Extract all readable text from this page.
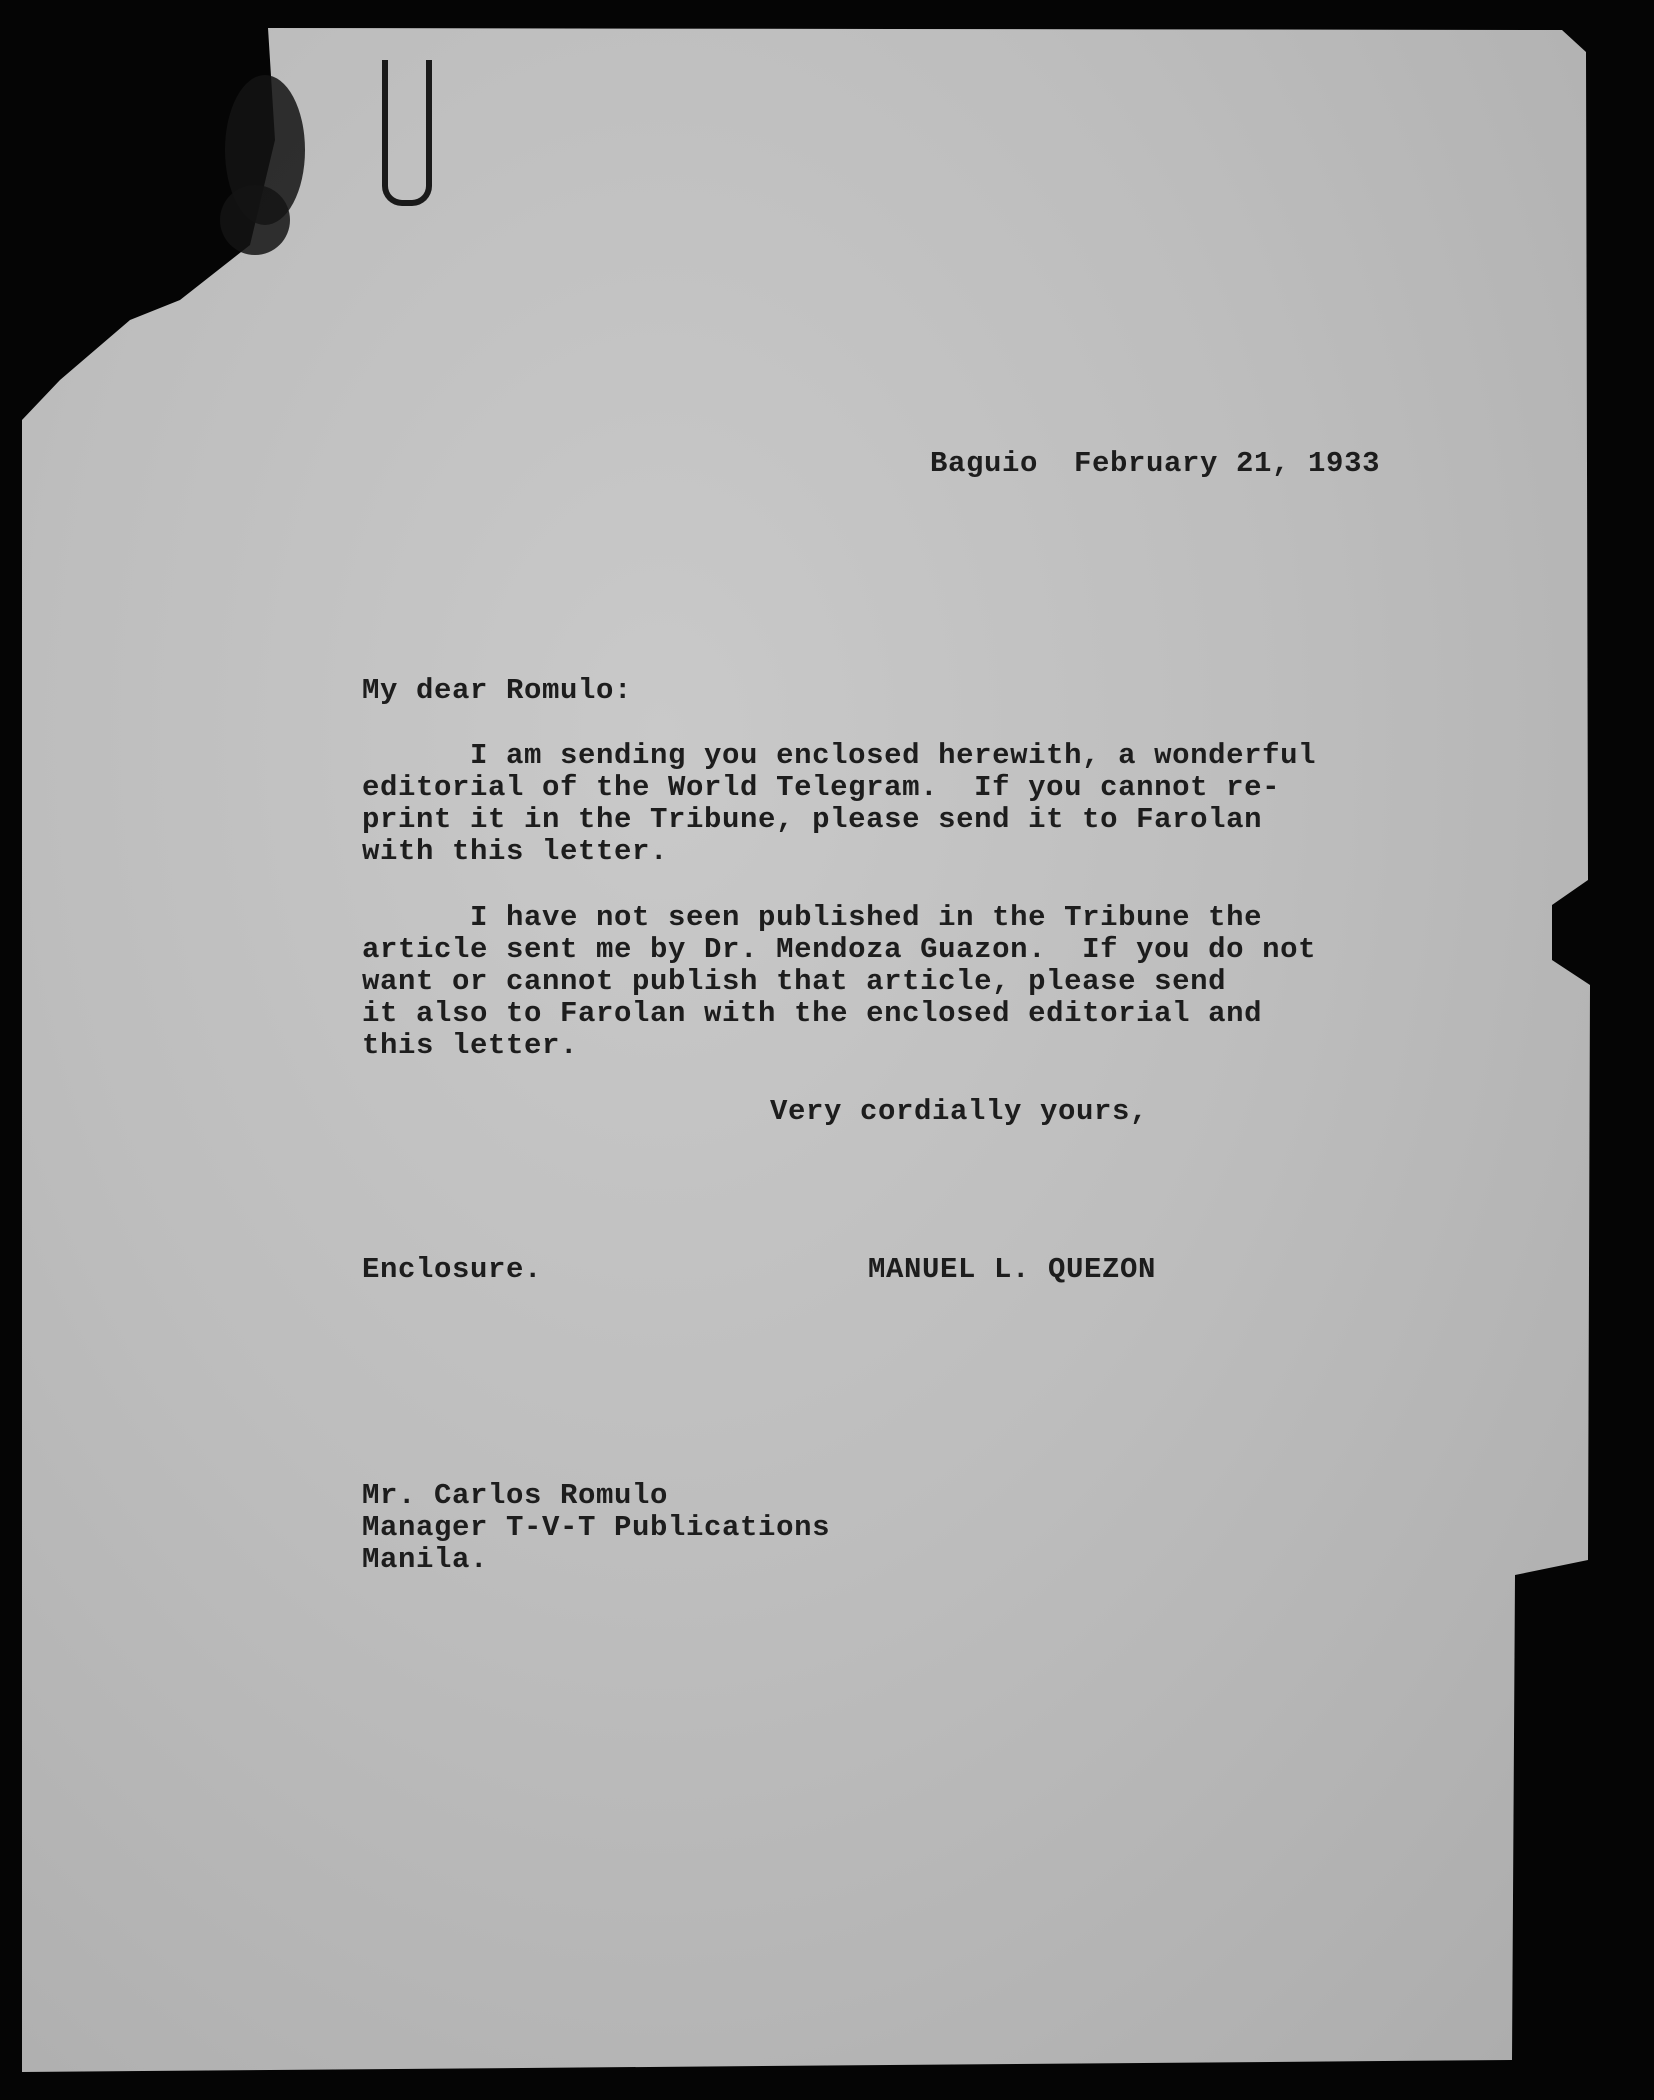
Baguio  February 21, 1933
My dear Romulo:
I am sending you enclosed herewith, a wonderful
editorial of the World Telegram.  If you cannot re-
print it in the Tribune, please send it to Farolan
with this letter.
I have not seen published in the Tribune the
article sent me by Dr. Mendoza Guazon.  If you do not
want or cannot publish that article, please send
it also to Farolan with the enclosed editorial and
this letter.
Very cordially yours,
Enclosure.	MANUEL L. QUEZON
Mr. Carlos Romulo
Manager T-V-T Publications
Manila.
